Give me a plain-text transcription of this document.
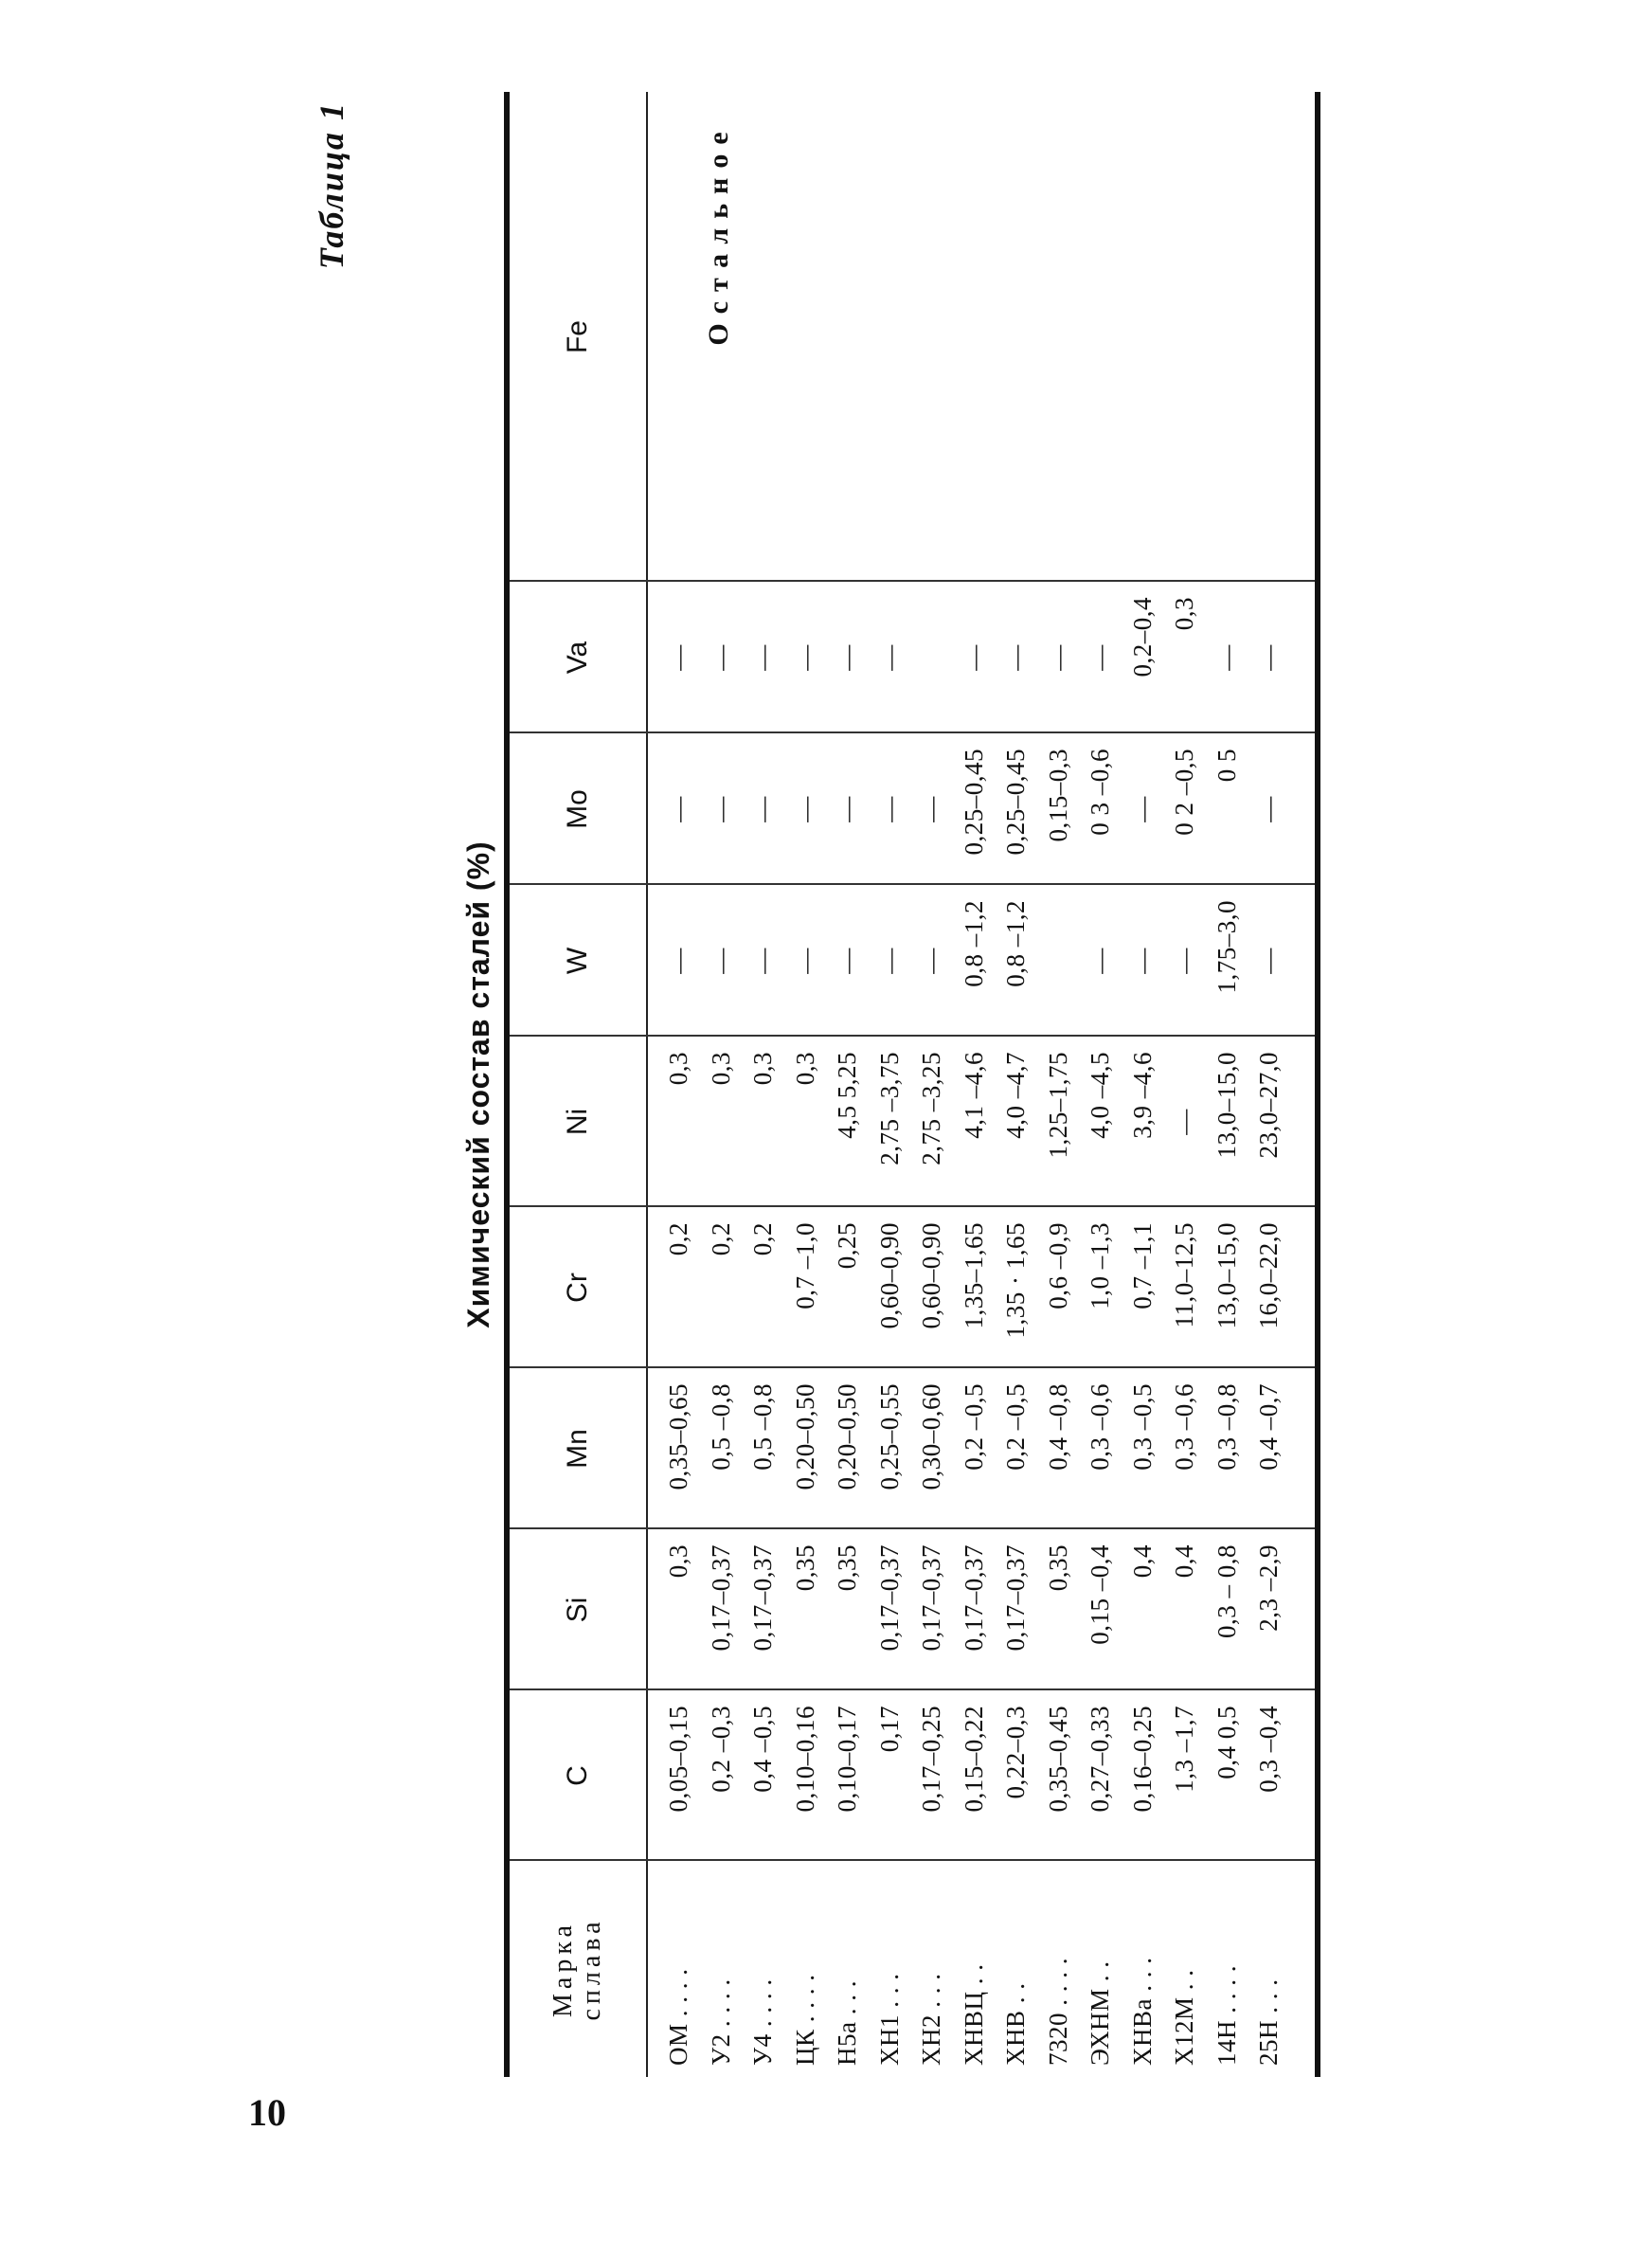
10
Таблица 1
Химический состав сталей (%)
Марка сплава
C
Si
Mn
Cr
Ni
W
Mo
Va
Fe
ОМ . . . .
0,05–0,15
0,3
0,35–0,65
0,2
0,3
—
—
—
У2 . . . .
0,2 –0,3
0,17–0,37
0,5 –0,8
0,2
0,3
—
—
—
У4 . . . .
0,4 –0,5
0,17–0,37
0,5 –0,8
0,2
0,3
—
—
—
ЦК . . . .
0,10–0,16
0,35
0,20–0,50
0,7 –1,0
0,3
—
—
—
Н5а . . .
0,10–0,17
0,35
0,20–0,50
0,25
4,5 5,25
—
—
—
ХН1 . . .
0,17
0,17–0,37
0,25–0,55
0,60–0,90
2,75 –3,75
—
—
—
ХН2 . . .
0,17–0,25
0,17–0,37
0,30–0,60
0,60–0,90
2,75 –3,25
—
—
ХНВЦ . .
0,15–0,22
0,17–0,37
0,2 –0,5
1,35–1,65
4,1 –4,6
0,8 –1,2
0,25–0,45
—
ХНВ . .
0,22–0,3
0,17–0,37
0,2 –0,5
1,35 · 1,65
4,0 –4,7
0,8 –1,2
0,25–0,45
—
7320 . . . .
0,35–0,45
0,35
0,4 –0,8
0,6 –0,9
1,25–1,75
0,15–0,3
—
ЭХНМ . .
0,27–0,33
0,15 –0,4
0,3 –0,6
1,0 –1,3
4,0 –4,5
—
0 3 –0,6
—
ХНВа . . .
0,16–0,25
0,4
0,3 –0,5
0,7 –1,1
3,9 –4,6
—
—
0,2–0,4
Х12М . .
1,3 –1,7
0,4
0,3 –0,6
11,0–12,5
—
—
0 2 –0,5
0,3
14Н . . . .
0,4 0,5
0,3 – 0,8
0,3 –0,8
13,0–15,0
13,0–15,0
1,75–3,0
0 5
—
25Н . . .
0,3 –0,4
2,3 –2,9
0,4 –0,7
16,0–22,0
23,0–27,0
—
—
—
Остальное
